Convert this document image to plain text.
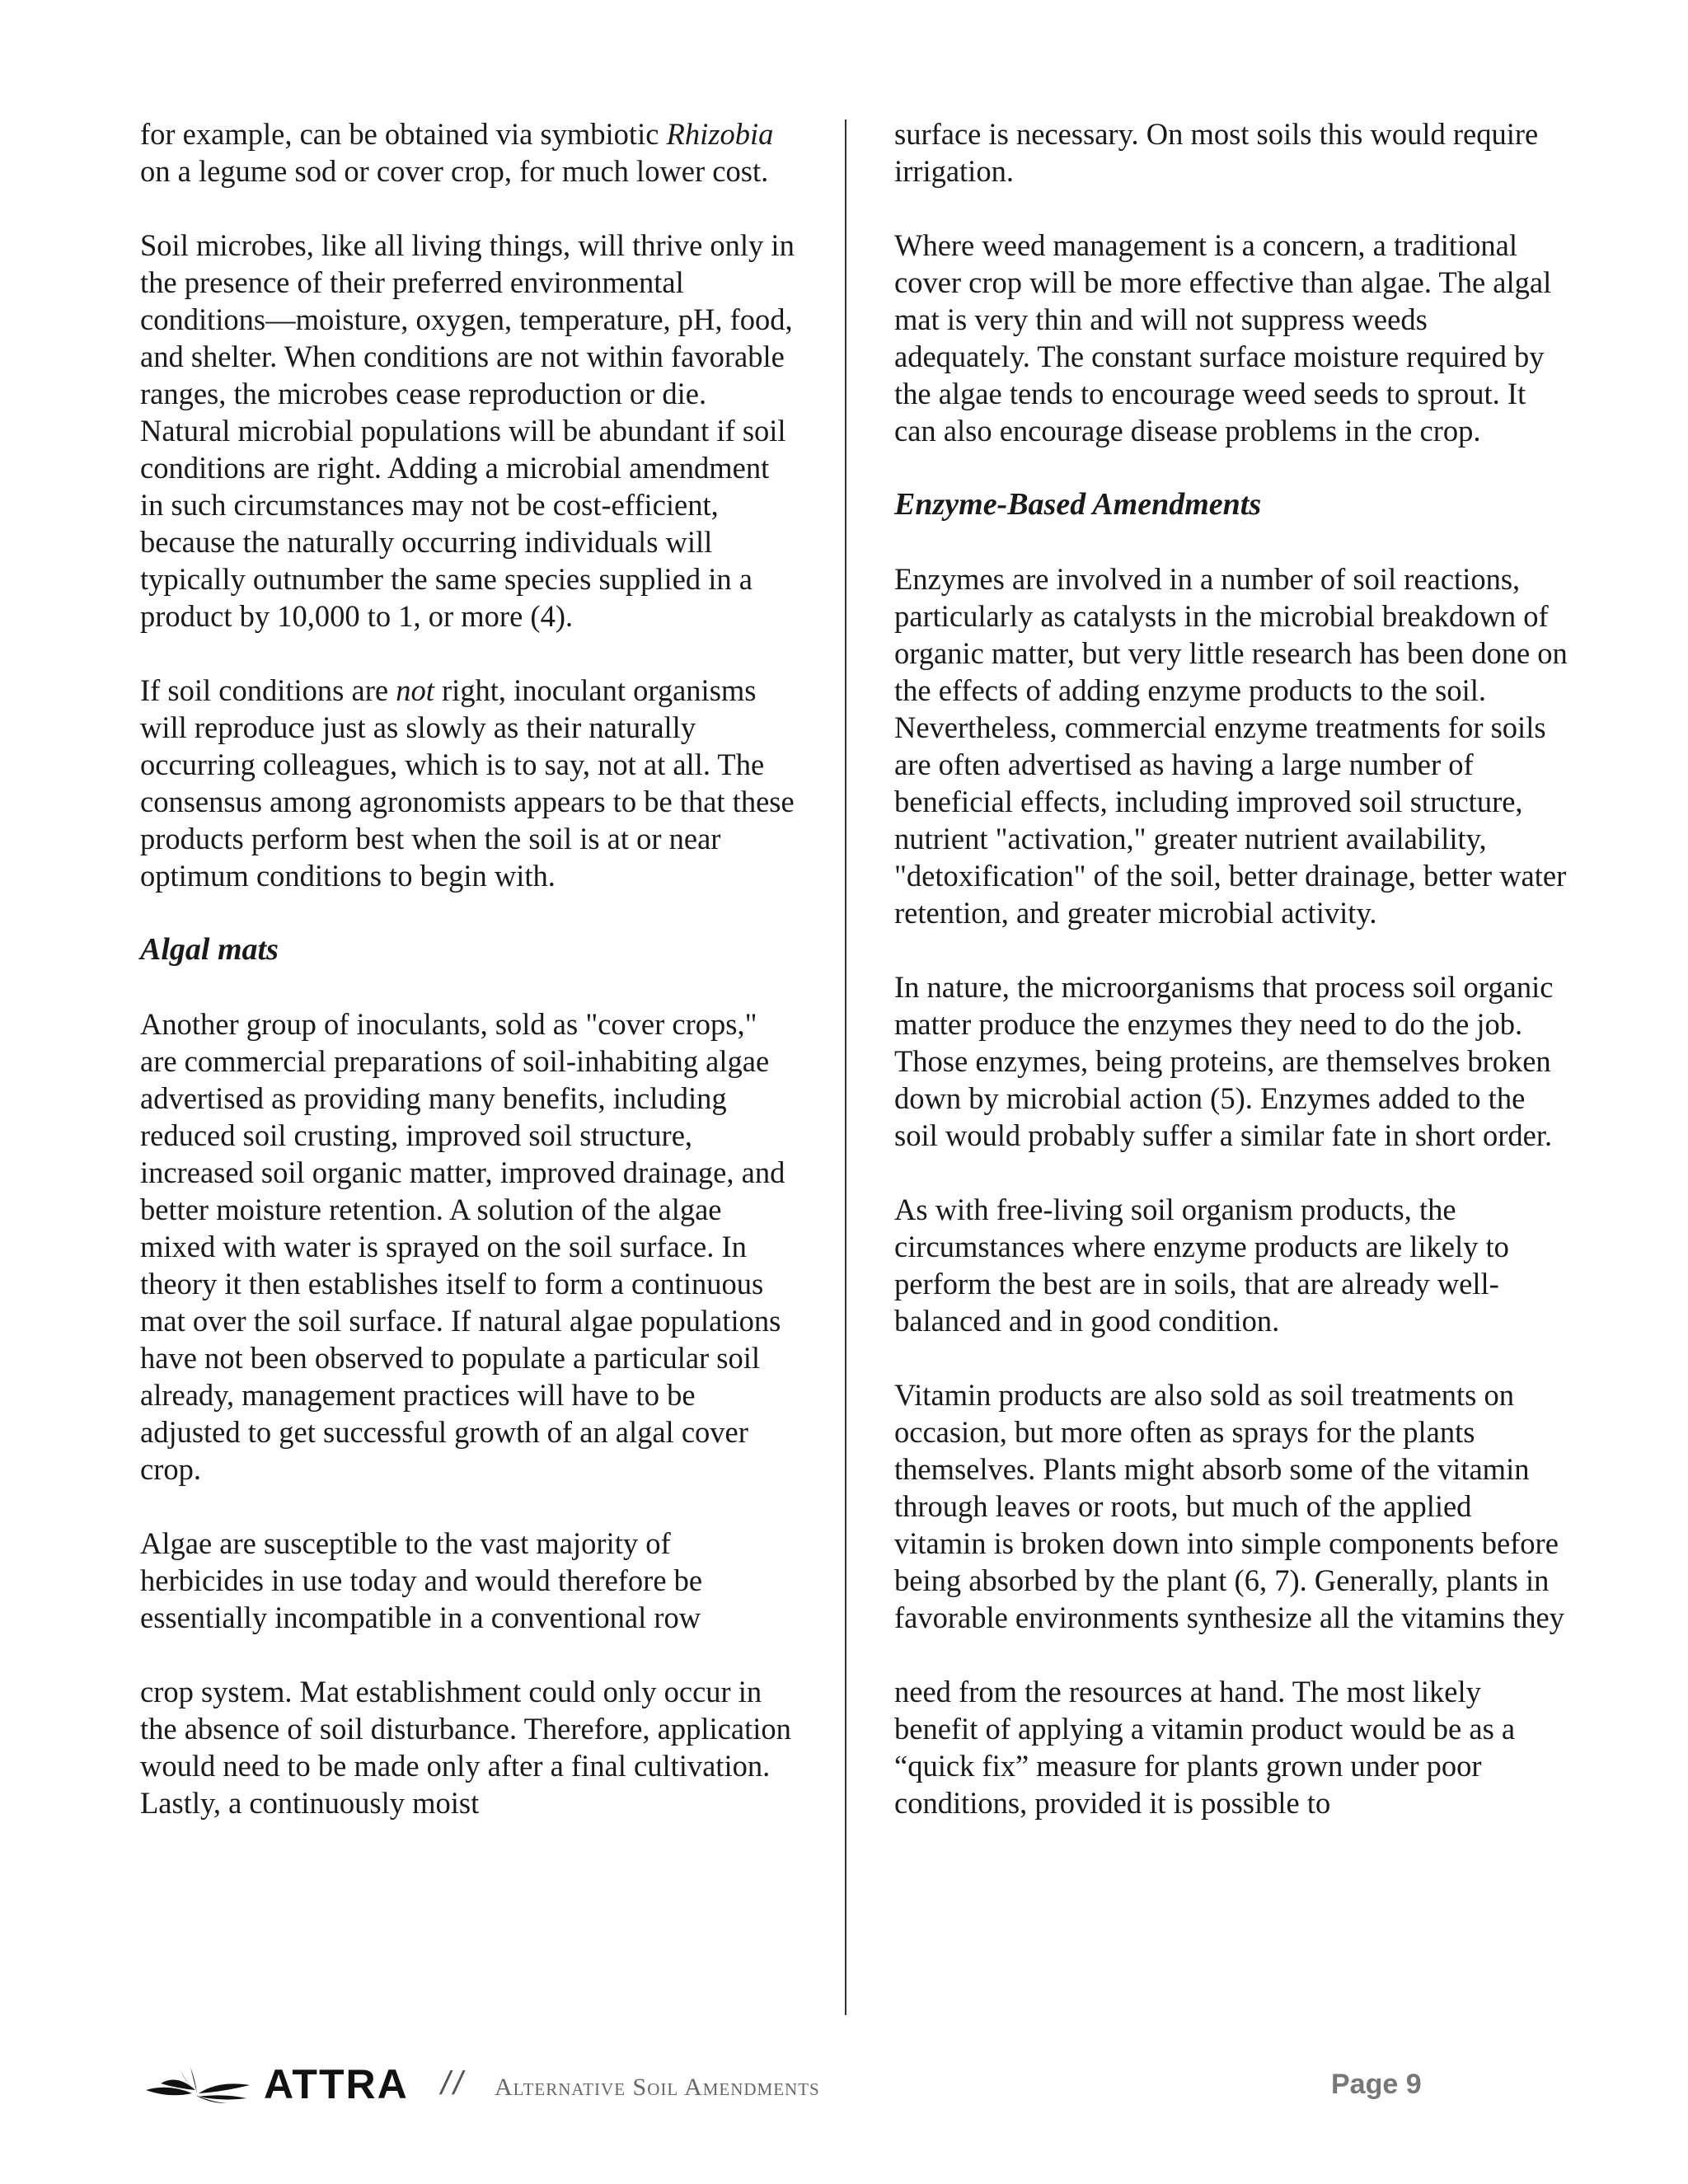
for example, can be obtained via symbiotic Rhizobia on a legume sod or cover crop, for much lower cost.

Soil microbes, like all living things, will thrive only in the presence of their preferred environmental conditions—moisture, oxygen, temperature, pH, food, and shelter. When conditions are not within favorable ranges, the microbes cease reproduction or die. Natural microbial populations will be abundant if soil conditions are right. Adding a microbial amendment in such circumstances may not be cost-efficient, because the naturally occurring individuals will typically outnumber the same species supplied in a product by 10,000 to 1, or more (4).

If soil conditions are not right, inoculant organisms will reproduce just as slowly as their naturally occurring colleagues, which is to say, not at all. The consensus among agronomists appears to be that these products perform best when the soil is at or near optimum conditions to begin with.

Algal mats

Another group of inoculants, sold as "cover crops," are commercial preparations of soil-inhabiting algae advertised as providing many benefits, including reduced soil crusting, improved soil structure, increased soil organic matter, improved drainage, and better moisture retention. A solution of the algae mixed with water is sprayed on the soil surface. In theory it then establishes itself to form a continuous mat over the soil surface. If natural algae populations have not been observed to populate a particular soil already, management practices will have to be adjusted to get successful growth of an algal cover crop.

Algae are susceptible to the vast majority of herbicides in use today and would therefore be essentially incompatible in a conventional row

crop system. Mat establishment could only occur in the absence of soil disturbance. Therefore, application would need to be made only after a final cultivation. Lastly, a continuously moist

surface is necessary. On most soils this would require irrigation.

Where weed management is a concern, a traditional cover crop will be more effective than algae. The algal mat is very thin and will not suppress weeds adequately. The constant surface moisture required by the algae tends to encourage weed seeds to sprout. It can also encourage disease problems in the crop.

Enzyme-Based Amendments

Enzymes are involved in a number of soil reactions, particularly as catalysts in the microbial breakdown of organic matter, but very little research has been done on the effects of adding enzyme products to the soil. Nevertheless, commercial enzyme treatments for soils are often advertised as having a large number of beneficial effects, including improved soil structure, nutrient "activation," greater nutrient availability, "detoxification" of the soil, better drainage, better water retention, and greater microbial activity.

In nature, the microorganisms that process soil organic matter produce the enzymes they need to do the job. Those enzymes, being proteins, are themselves broken down by microbial action (5). Enzymes added to the soil would probably suffer a similar fate in short order.

As with free-living soil organism products, the circumstances where enzyme products are likely to perform the best are in soils, that are already well-balanced and in good condition.

Vitamin products are also sold as soil treatments on occasion, but more often as sprays for the plants themselves. Plants might absorb some of the vitamin through leaves or roots, but much of the applied vitamin is broken down into simple components before being absorbed by the plant (6, 7). Generally, plants in favorable environments synthesize all the vitamins they

need from the resources at hand. The most likely benefit of applying a vitamin product would be as a “quick fix” measure for plants grown under poor conditions, provided it is possible to

ATTRA // Alternative Soil Amendments	Page 9
